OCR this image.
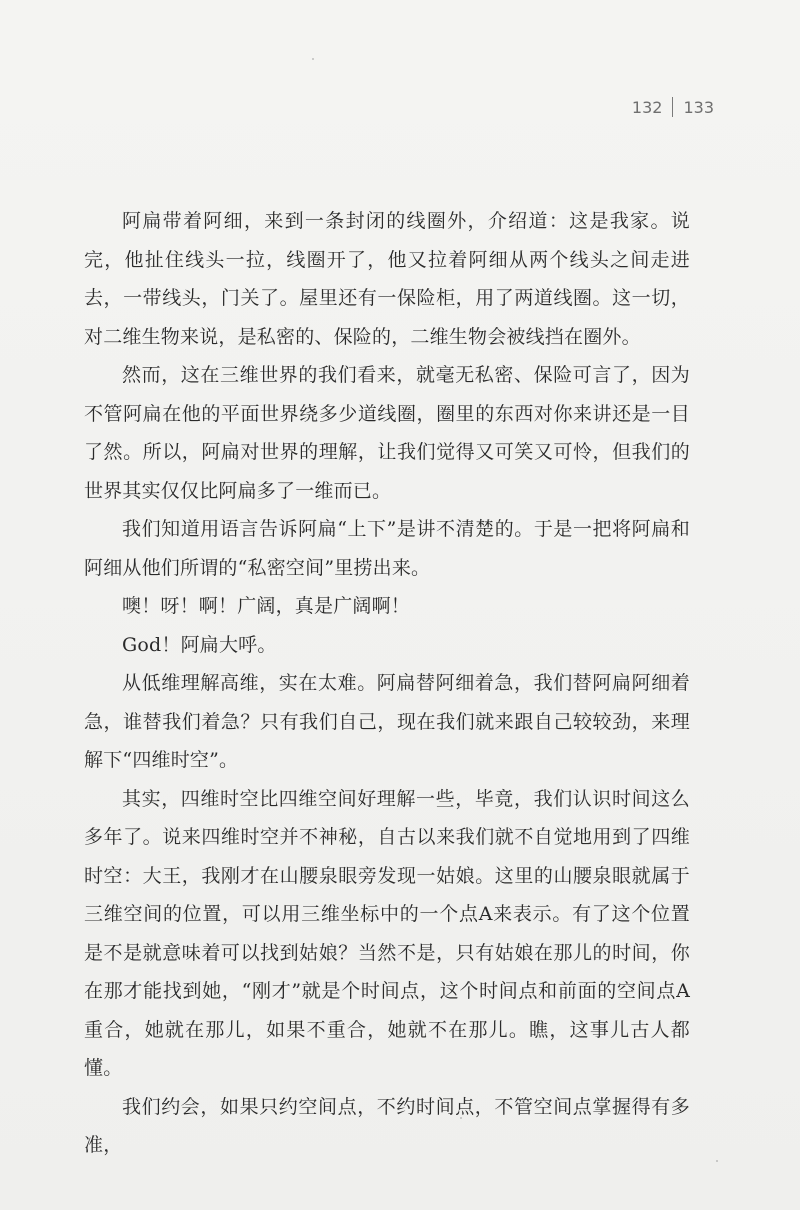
132 133

阿扁带着阿细，来到一条封闭的线圈外，介绍道：这是我家。说完，他扯住线头一拉，线圈开了，他又拉着阿细从两个线头之间走进去，一带线头，门关了。屋里还有一保险柜，用了两道线圈。这一切，对二维生物来说，是私密的、保险的，二维生物会被线挡在圈外。

然而，这在三维世界的我们看来，就毫无私密、保险可言了，因为不管阿扁在他的平面世界绕多少道线圈，圈里的东西对你来讲还是一目了然。所以，阿扁对世界的理解，让我们觉得又可笑又可怜，但我们的世界其实仅仅比阿扁多了一维而已。

我们知道用语言告诉阿扁“上下”是讲不清楚的。于是一把将阿扁和阿细从他们所谓的“私密空间”里捞出来。

噢！呀！啊！广阔，真是广阔啊！

God！阿扁大呼。

从低维理解高维，实在太难。阿扁替阿细着急，我们替阿扁阿细着急，谁替我们着急？只有我们自己，现在我们就来跟自己较较劲，来理解下“四维时空”。

其实，四维时空比四维空间好理解一些，毕竟，我们认识时间这么多年了。说来四维时空并不神秘，自古以来我们就不自觉地用到了四维时空：大王，我刚才在山腰泉眼旁发现一姑娘。这里的山腰泉眼就属于三维空间的位置，可以用三维坐标中的一个点A来表示。有了这个位置是不是就意味着可以找到姑娘？当然不是，只有姑娘在那儿的时间，你在那才能找到她，“刚才”就是个时间点，这个时间点和前面的空间点A重合，她就在那儿，如果不重合，她就不在那儿。瞧，这事儿古人都懂。

我们约会，如果只约空间点，不约时间点，不管空间点掌握得有多准，
